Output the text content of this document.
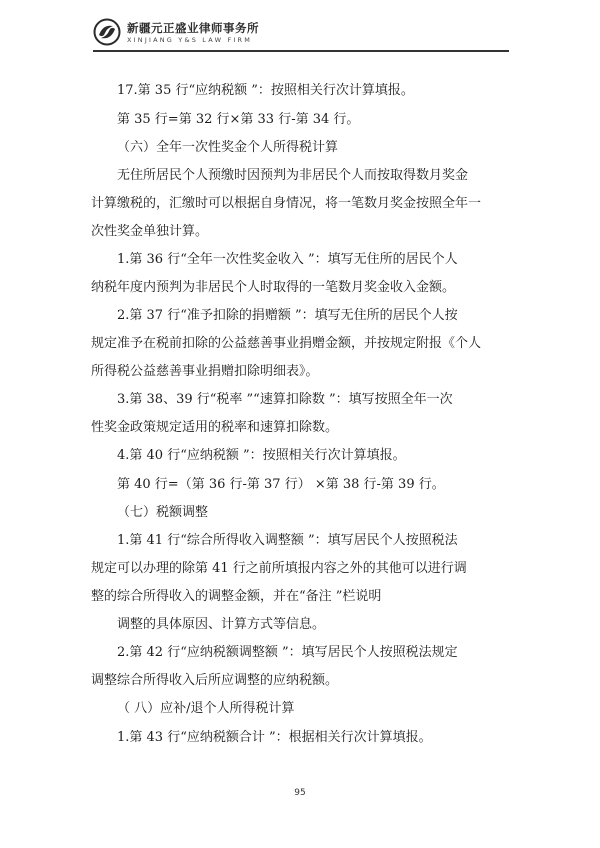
新疆元正盛业律师事务所
XINJIANG Y&S LAW FIRM
17.第 35 行“应纳税额 ”：按照相关行次计算填报。
第 35 行=第 32 行×第 33 行-第 34 行。
（六）全年一次性奖金个人所得税计算
无住所居民个人预缴时因预判为非居民个人而按取得数月奖金
计算缴税的，汇缴时可以根据自身情况，将一笔数月奖金按照全年一
次性奖金单独计算。
1.第 36 行“全年一次性奖金收入 ”：填写无住所的居民个人
纳税年度内预判为非居民个人时取得的一笔数月奖金收入金额。
2.第 37 行“准予扣除的捐赠额 ”：填写无住所的居民个人按
规定准予在税前扣除的公益慈善事业捐赠金额，并按规定附报《个人
所得税公益慈善事业捐赠扣除明细表》。
3.第 38、39 行“税率 ”“速算扣除数 ”：填写按照全年一次
性奖金政策规定适用的税率和速算扣除数。
4.第 40 行“应纳税额 ”：按照相关行次计算填报。
第 40 行=（第 36 行-第 37 行） ×第 38 行-第 39 行。
（七）税额调整
1.第 41 行“综合所得收入调整额 ”：填写居民个人按照税法
规定可以办理的除第 41 行之前所填报内容之外的其他可以进行调
整的综合所得收入的调整金额，并在“备注 ”栏说明
调整的具体原因、计算方式等信息。
2.第 42 行“应纳税额调整额 ”：填写居民个人按照税法规定
调整综合所得收入后所应调整的应纳税额。
（ 八）应补/退个人所得税计算
1.第 43 行“应纳税额合计 ”：根据相关行次计算填报。
95
